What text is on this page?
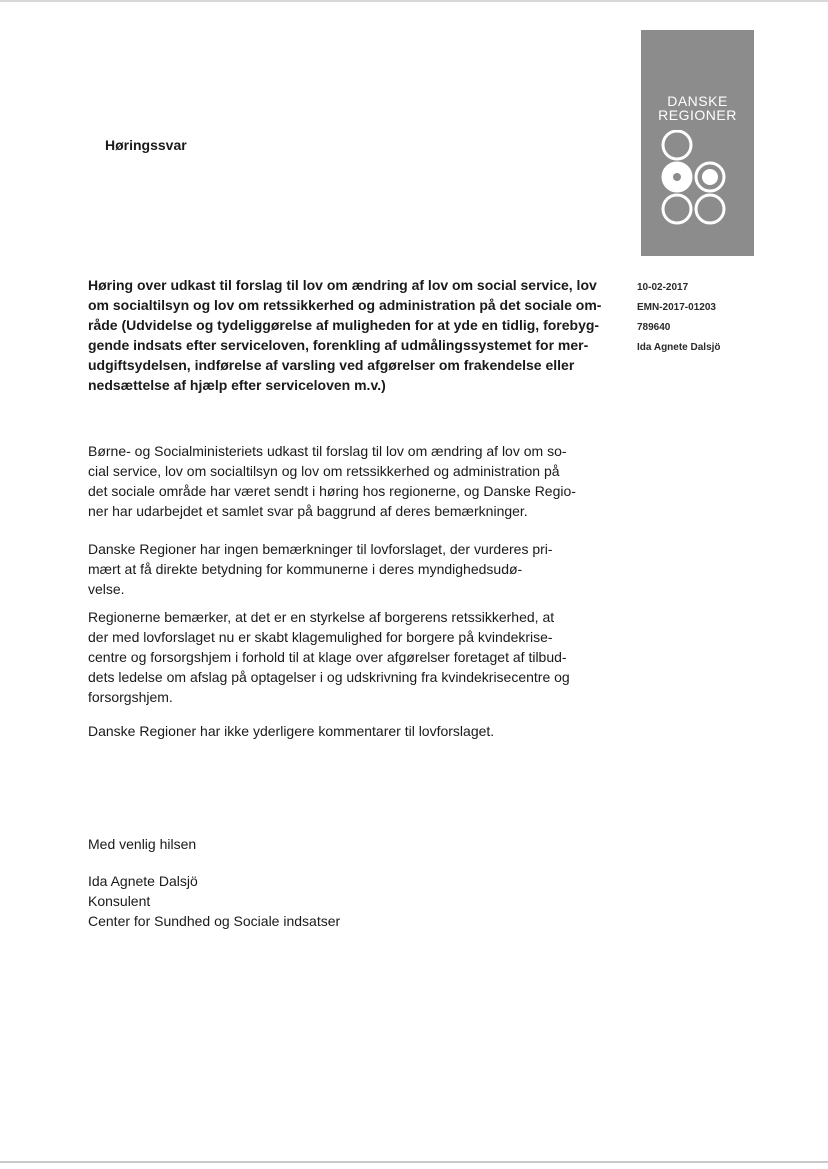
Høringssvar
DANSKE
REGIONER
Høring over udkast til forslag til lov om ændring af lov om social service, lov
om socialtilsyn og lov om retssikkerhed og administration på det sociale om-
råde (Udvidelse og tydeliggørelse af muligheden for at yde en tidlig, forebyg-
gende indsats efter serviceloven, forenkling af udmålingssystemet for mer-
udgiftsydelsen, indførelse af varsling ved afgørelser om frakendelse eller
nedsættelse af hjælp efter serviceloven m.v.)
10-02-2017
EMN-2017-01203
789640
Ida Agnete Dalsjö
Børne- og Socialministeriets udkast til forslag til lov om ændring af lov om so-
cial service, lov om socialtilsyn og lov om retssikkerhed og administration på
det sociale område har været sendt i høring hos regionerne, og Danske Regio-
ner har udarbejdet et samlet svar på baggrund af deres bemærkninger.
Danske Regioner har ingen bemærkninger til lovforslaget, der vurderes pri-
mært at få direkte betydning for kommunerne i deres myndighedsudø-
velse.
Regionerne bemærker, at det er en styrkelse af borgerens retssikkerhed, at
der med lovforslaget nu er skabt klagemulighed for borgere på kvindekrise-
centre og forsorgshjem i forhold til at klage over afgørelser foretaget af tilbud-
dets ledelse om afslag på optagelser i og udskrivning fra kvindekrisecentre og
forsorgshjem.
Danske Regioner har ikke yderligere kommentarer til lovforslaget.
Med venlig hilsen
Ida Agnete Dalsjö
Konsulent
Center for Sundhed og Sociale indsatser
